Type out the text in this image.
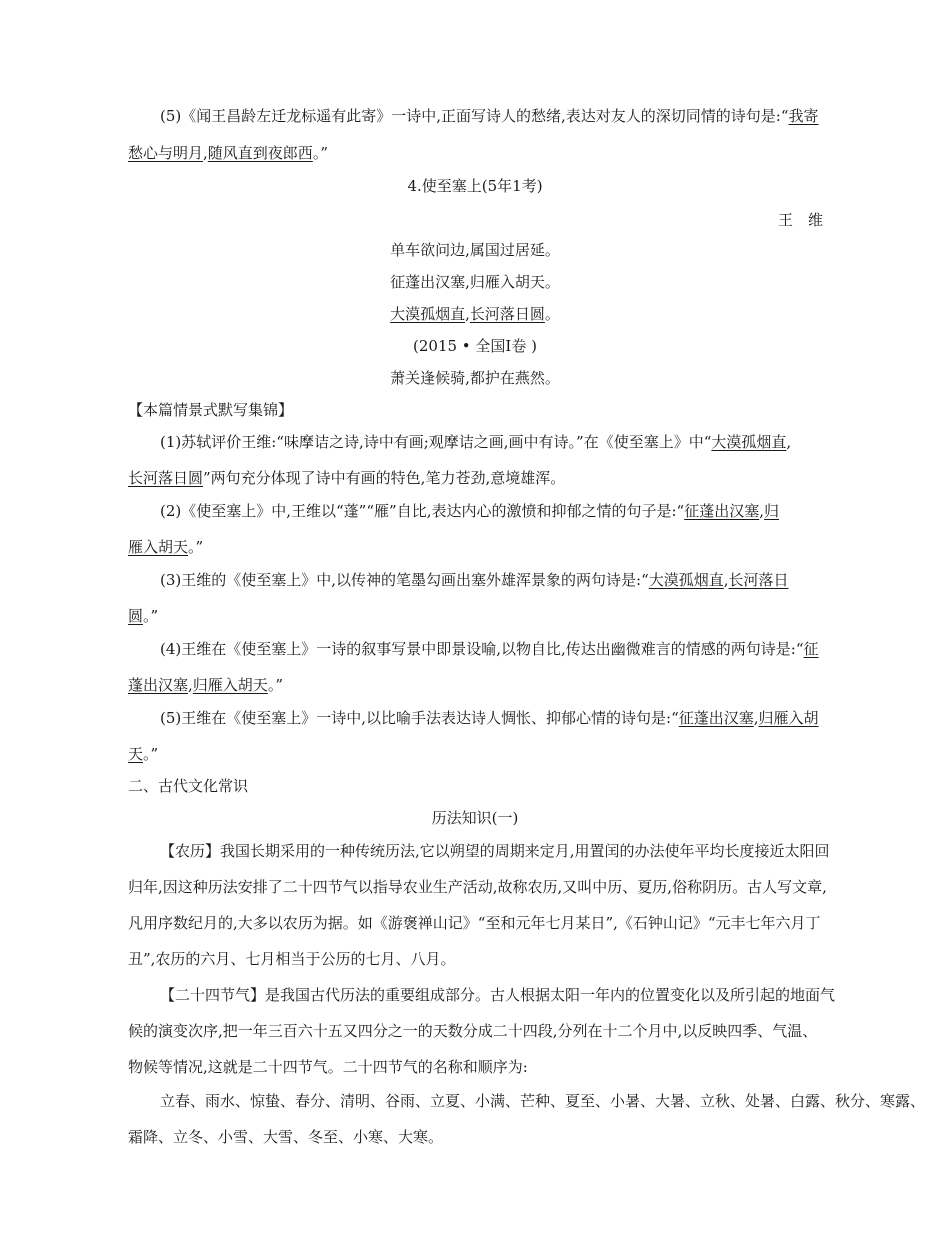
(5)《闻王昌龄左迁龙标遥有此寄》一诗中,正面写诗人的愁绪,表达对友人的深切同情的诗句是:“我寄
愁心与明月,随风直到夜郎西。”
4.使至塞上(5年1考)
王　维
单车欲问边,属国过居延。
征蓬出汉塞,归雁入胡天。
大漠孤烟直,长河落日圆。
(2015 • 全国Ⅰ卷 )
萧关逢候骑,都护在燕然。
【本篇情景式默写集锦】
(1)苏轼评价王维:“味摩诘之诗,诗中有画;观摩诘之画,画中有诗。”在《使至塞上》中“大漠孤烟直,
长河落日圆”两句充分体现了诗中有画的特色,笔力苍劲,意境雄浑。
(2)《使至塞上》中,王维以“蓬”“雁”自比,表达内心的激愤和抑郁之情的句子是:“征蓬出汉塞,归
雁入胡天。”
(3)王维的《使至塞上》中,以传神的笔墨勾画出塞外雄浑景象的两句诗是:“大漠孤烟直,长河落日
圆。”
(4)王维在《使至塞上》一诗的叙事写景中即景设喻,以物自比,传达出幽微难言的情感的两句诗是:“征
蓬出汉塞,归雁入胡天。”
(5)王维在《使至塞上》一诗中,以比喻手法表达诗人惆怅、抑郁心情的诗句是:“征蓬出汉塞,归雁入胡
天。”
二、古代文化常识
历法知识(一)
【农历】我国长期采用的一种传统历法,它以朔望的周期来定月,用置闰的办法使年平均长度接近太阳回
归年,因这种历法安排了二十四节气以指导农业生产活动,故称农历,又叫中历、夏历,俗称阴历。古人写文章,
凡用序数纪月的,大多以农历为据。如《游褒禅山记》“至和元年七月某日”,《石钟山记》“元丰七年六月丁
丑”,农历的六月、七月相当于公历的七月、八月。
【二十四节气】是我国古代历法的重要组成部分。古人根据太阳一年内的位置变化以及所引起的地面气
候的演变次序,把一年三百六十五又四分之一的天数分成二十四段,分列在十二个月中,以反映四季、气温、
物候等情况,这就是二十四节气。二十四节气的名称和顺序为:
立春、雨水、惊蛰、春分、清明、谷雨、立夏、小满、芒种、夏至、小暑、大暑、立秋、处暑、白露、秋分、寒露、
霜降、立冬、小雪、大雪、冬至、小寒、大寒。
